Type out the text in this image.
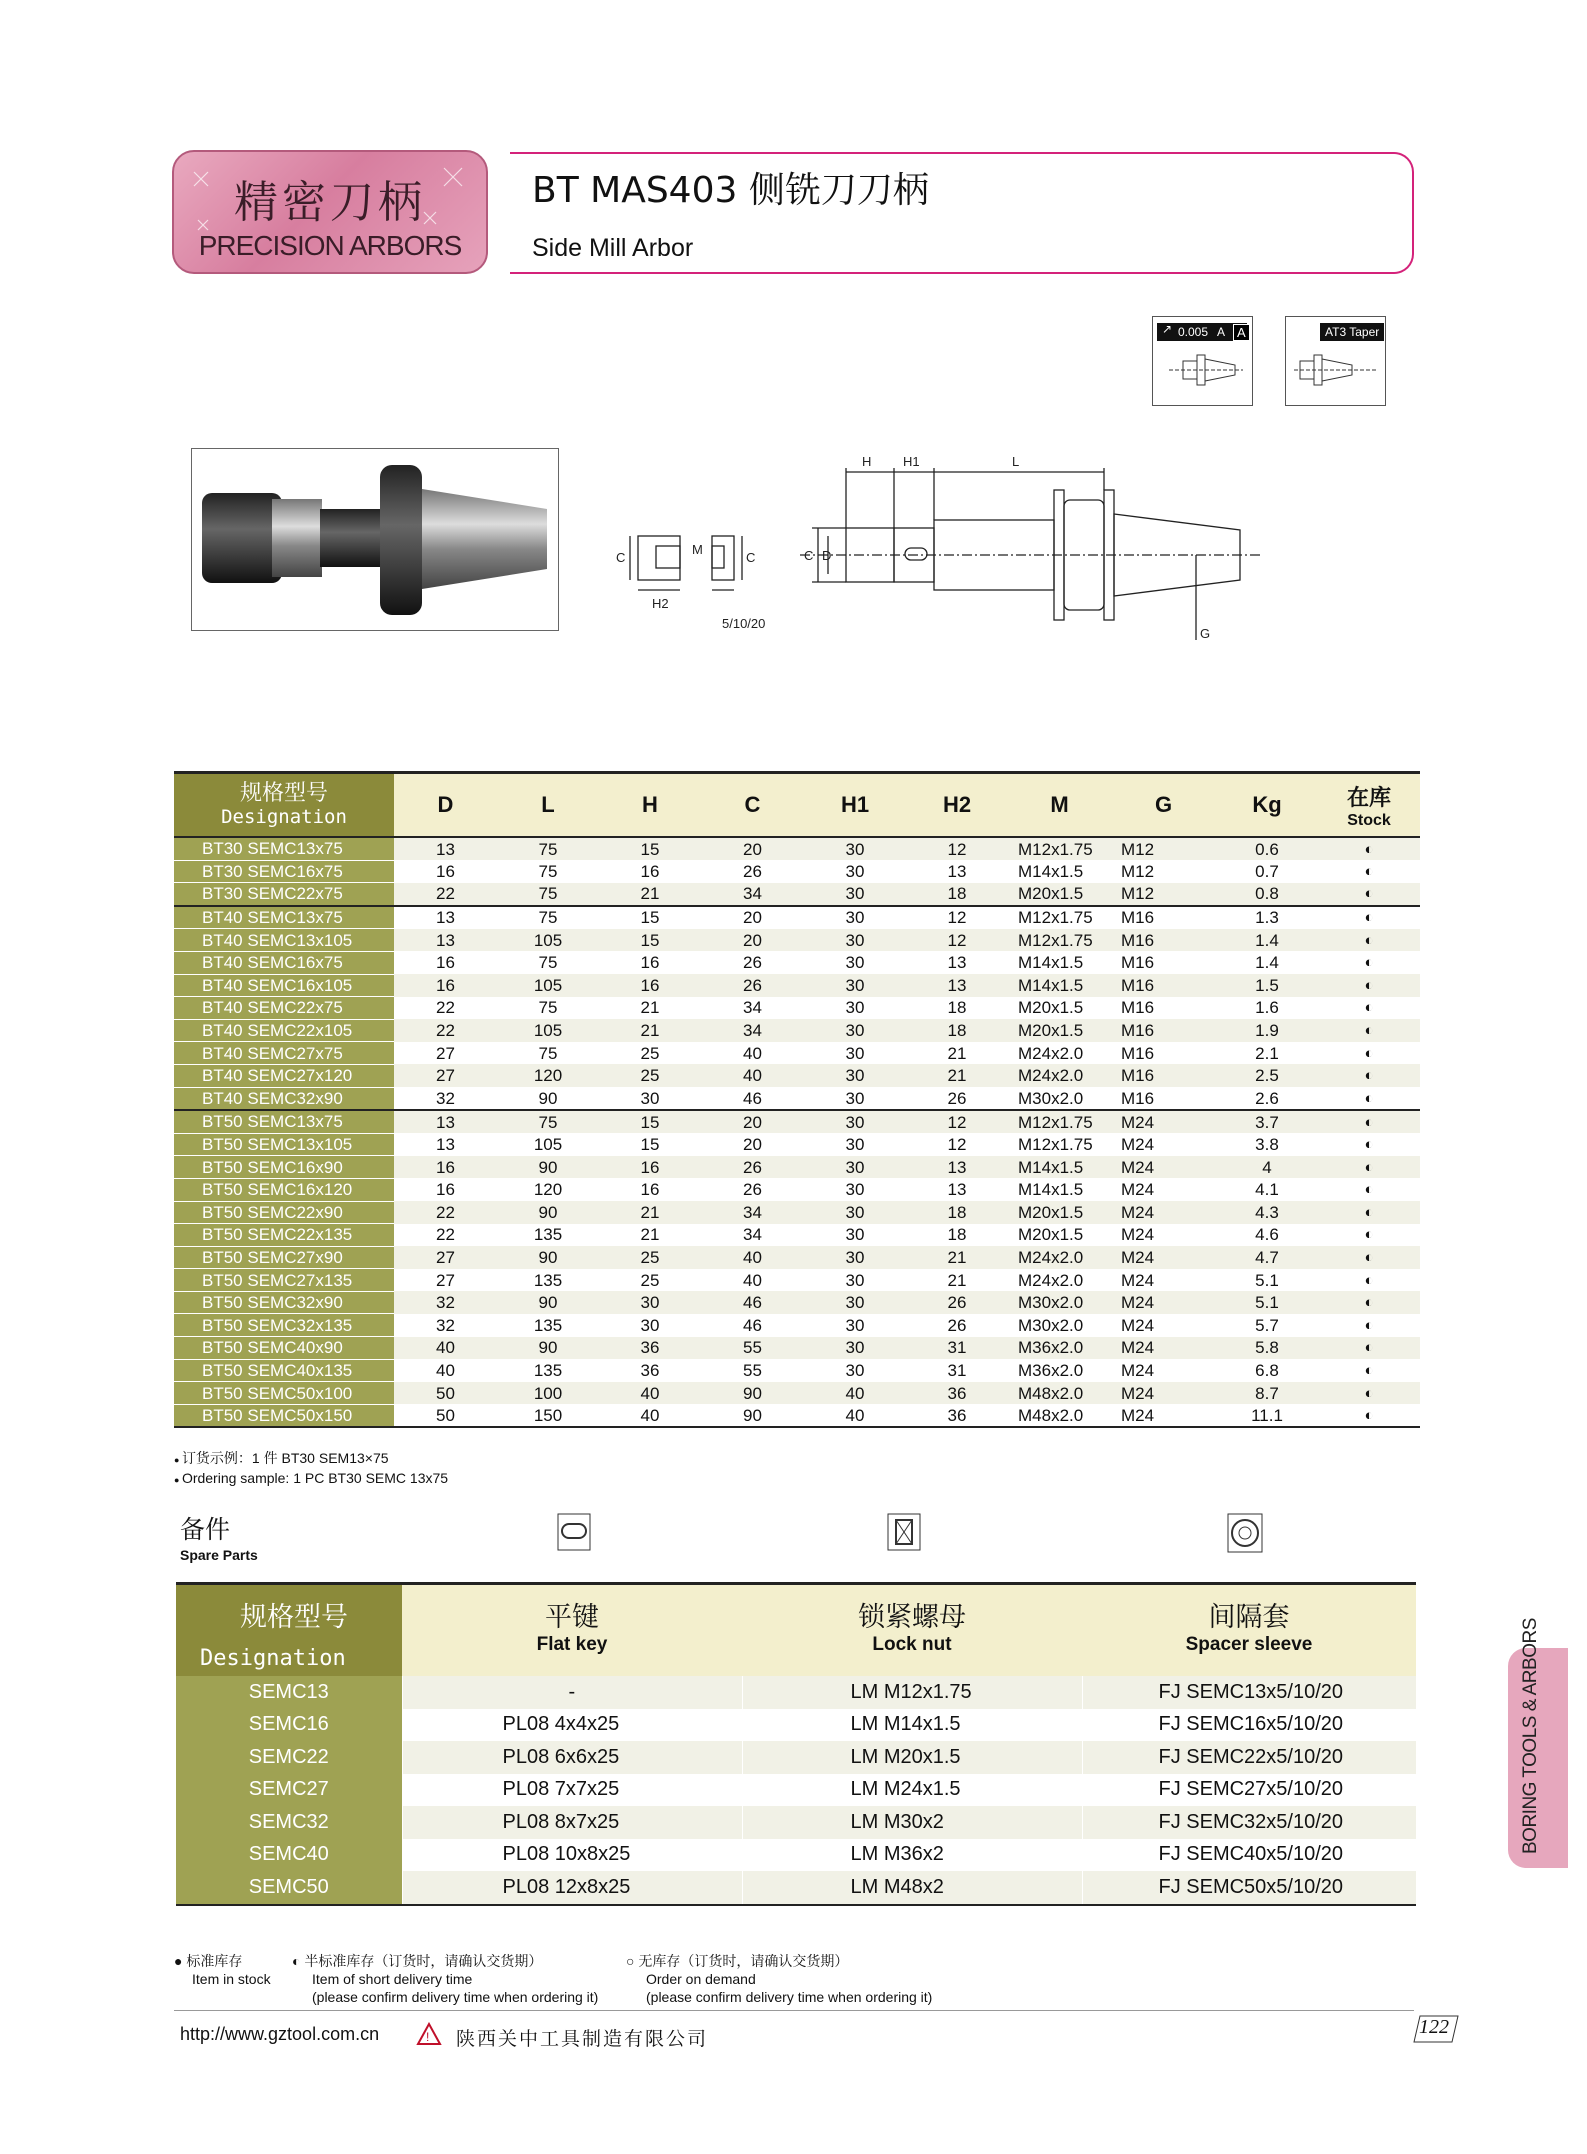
精密刀柄
PRECISION ARBORS
BT MAS403 侧铣刀刀柄
Side Mill Arbor
↗ 0.005 A A	AT3 Taper
H H1	L
C D
C
H2
M
C
5/10/20
G
规格型号
Designation	D	L	H	C	H1	H2	M	G	Kg	在库
Stock

BT30 SEMC13x75	13	75	15	20	30	12	M12x1.75	M12	0.6	◐
BT30 SEMC16x75	16	75	16	26	30	13	M14x1.5	M12	0.7	◐
BT30 SEMC22x75	22	75	21	34	30	18	M20x1.5	M12	0.8	◐
BT40 SEMC13x75	13	75	15	20	30	12	M12x1.75	M16	1.3	◐
BT40 SEMC13x105	13	105	15	20	30	12	M12x1.75	M16	1.4	◐
BT40 SEMC16x75	16	75	16	26	30	13	M14x1.5	M16	1.4	◐
BT40 SEMC16x105	16	105	16	26	30	13	M14x1.5	M16	1.5	◐
BT40 SEMC22x75	22	75	21	34	30	18	M20x1.5	M16	1.6	◐
BT40 SEMC22x105	22	105	21	34	30	18	M20x1.5	M16	1.9	◐
BT40 SEMC27x75	27	75	25	40	30	21	M24x2.0	M16	2.1	◐
BT40 SEMC27x120	27	120	25	40	30	21	M24x2.0	M16	2.5	◐
BT40 SEMC32x90	32	90	30	46	30	26	M30x2.0	M16	2.6	◐
BT50 SEMC13x75	13	75	15	20	30	12	M12x1.75	M24	3.7	◐
BT50 SEMC13x105	13	105	15	20	30	12	M12x1.75	M24	3.8	◐
BT50 SEMC16x90	16	90	16	26	30	13	M14x1.5	M24	4	◐
BT50 SEMC16x120	16	120	16	26	30	13	M14x1.5	M24	4.1	◐
BT50 SEMC22x90	22	90	21	34	30	18	M20x1.5	M24	4.3	◐
BT50 SEMC22x135	22	135	21	34	30	18	M20x1.5	M24	4.6	◐
BT50 SEMC27x90	27	90	25	40	30	21	M24x2.0	M24	4.7	◐
BT50 SEMC27x135	27	135	25	40	30	21	M24x2.0	M24	5.1	◐
BT50 SEMC32x90	32	90	30	46	30	26	M30x2.0	M24	5.1	◐
BT50 SEMC32x135	32	135	30	46	30	26	M30x2.0	M24	5.7	◐
BT50 SEMC40x90	40	90	36	55	30	31	M36x2.0	M24	5.8	◐
BT50 SEMC40x135	40	135	36	55	30	31	M36x2.0	M24	6.8	◐
BT50 SEMC50x100	50	100	40	90	40	36	M48x2.0	M24	8.7	◐
BT50 SEMC50x150	50	150	40	90	40	36	M48x2.0	M24	11.1	◐
● 订货示例：1 件 BT30 SEM13×75
● Ordering sample: 1 PC BT30 SEMC 13x75
备件
Spare Parts
规格型号
Designation	平键
Flat key	锁紧螺母
Lock nut	间隔套
Spacer sleeve

SEMC13	-	LM M12x1.75	FJ SEMC13x5/10/20
SEMC16	PL08 4x4x25	LM M14x1.5	FJ SEMC16x5/10/20
SEMC22	PL08 6x6x25	LM M20x1.5	FJ SEMC22x5/10/20
SEMC27	PL08 7x7x25	LM M24x1.5	FJ SEMC27x5/10/20
SEMC32	PL08 8x7x25	LM M30x2	FJ SEMC32x5/10/20
SEMC40	PL08 10x8x25	LM M36x2	FJ SEMC40x5/10/20
SEMC50	PL08 12x8x25	LM M48x2	FJ SEMC50x5/10/20
BORING TOOLS & ARBORS
● 标准库存
Item in stock
◐ 半标准库存（订货时，请确认交货期）
Item of short delivery time
(please confirm delivery time when ordering it)
○ 无库存（订货时，请确认交货期）
Order on demand
(please confirm delivery time when ordering it)
http://www.gztool.com.cn	! 陕西关中工具制造有限公司
122
